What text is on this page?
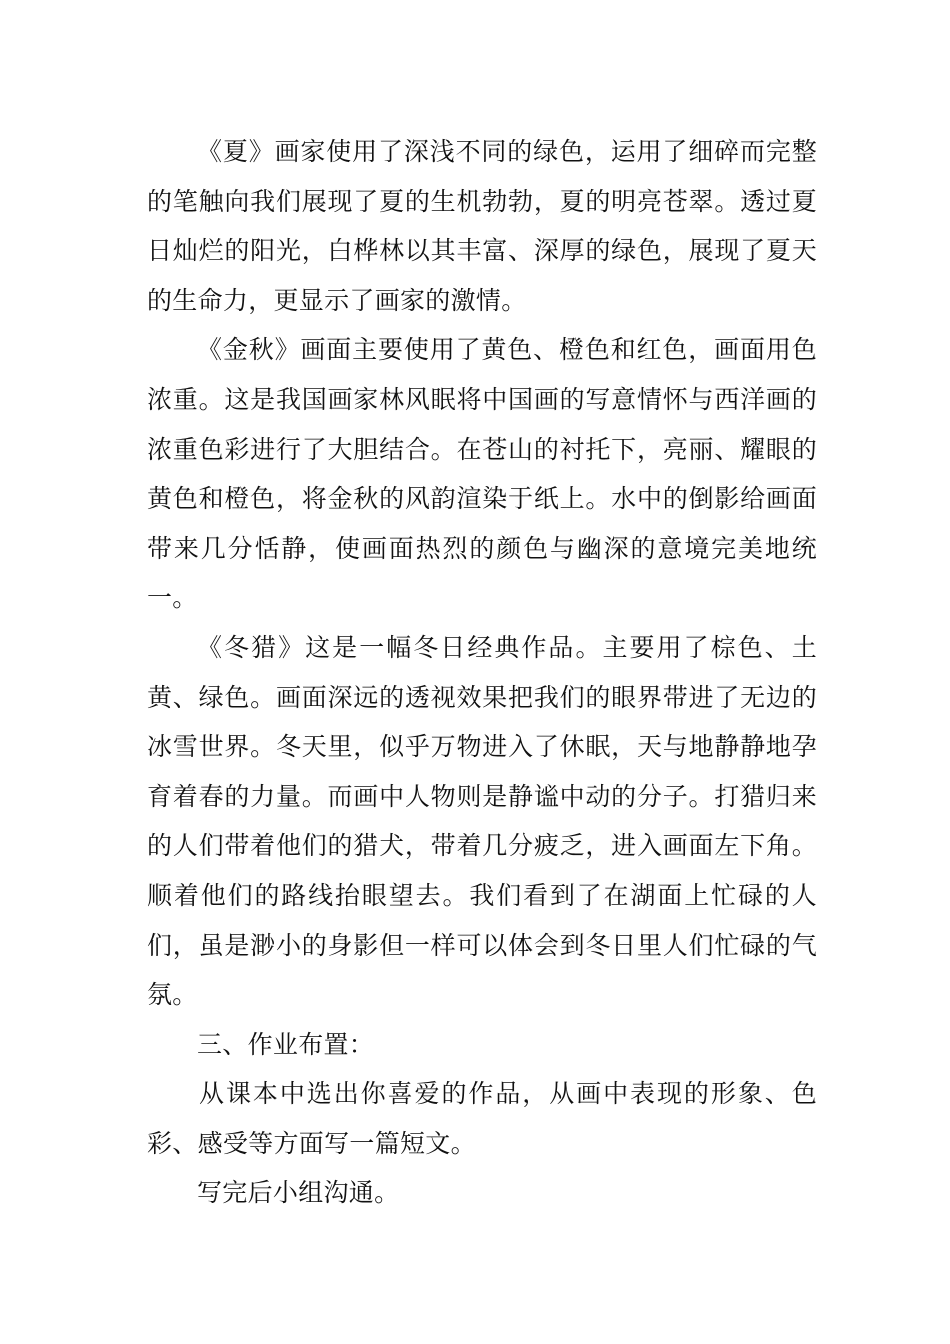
《夏》画家使用了深浅不同的绿色，运用了细碎而完整的笔触向我们展现了夏的生机勃勃，夏的明亮苍翠。透过夏日灿烂的阳光，白桦林以其丰富、深厚的绿色，展现了夏天的生命力，更显示了画家的激情。

《金秋》画面主要使用了黄色、橙色和红色，画面用色浓重。这是我国画家林风眠将中国画的写意情怀与西洋画的浓重色彩进行了大胆结合。在苍山的衬托下，亮丽、耀眼的黄色和橙色，将金秋的风韵渲染于纸上。水中的倒影给画面带来几分恬静，使画面热烈的颜色与幽深的意境完美地统一。

《冬猎》这是一幅冬日经典作品。主要用了棕色、土黄、绿色。画面深远的透视效果把我们的眼界带进了无边的冰雪世界。冬天里，似乎万物进入了休眠，天与地静静地孕育着春的力量。而画中人物则是静谧中动的分子。打猎归来的人们带着他们的猎犬，带着几分疲乏，进入画面左下角。顺着他们的路线抬眼望去。我们看到了在湖面上忙碌的人们，虽是渺小的身影但一样可以体会到冬日里人们忙碌的气氛。

三、作业布置：

从课本中选出你喜爱的作品，从画中表现的形象、色彩、感受等方面写一篇短文。

写完后小组沟通。
